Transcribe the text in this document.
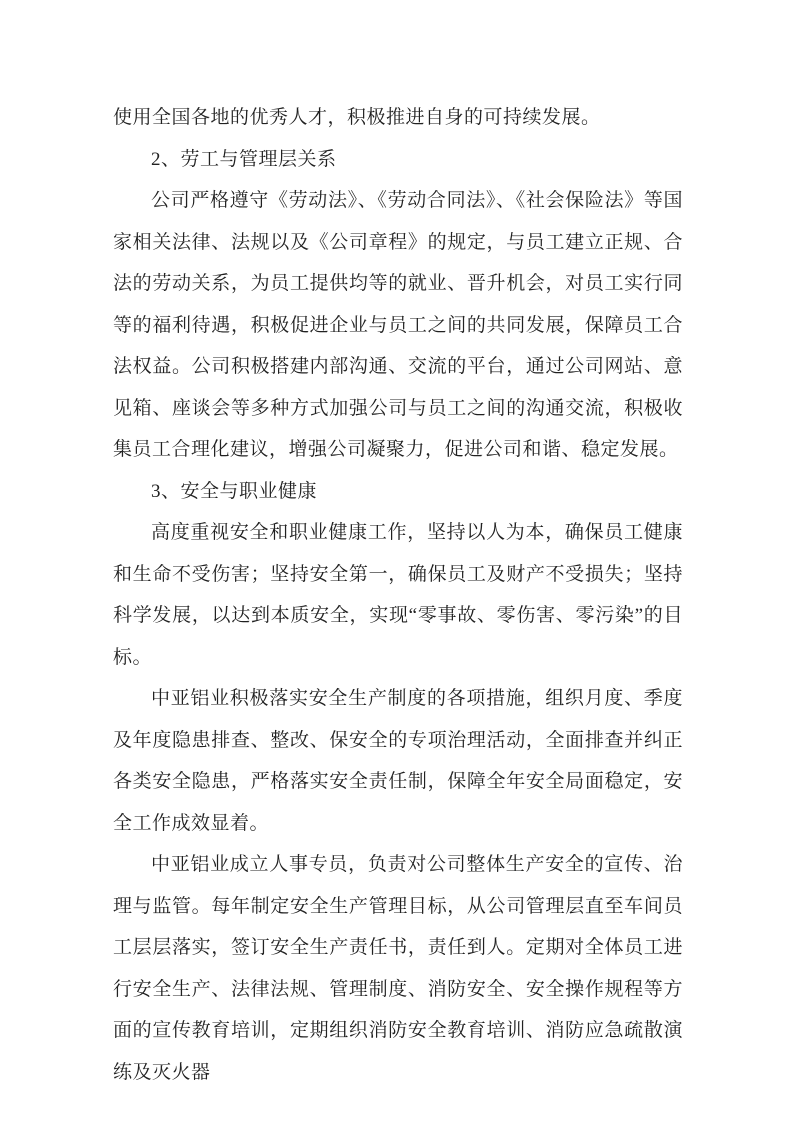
使用全国各地的优秀人才，积极推进自身的可持续发展。

2、劳工与管理层关系

公司严格遵守《劳动法》、《劳动合同法》、《社会保险法》等国家相关法律、法规以及《公司章程》的规定，与员工建立正规、合法的劳动关系，为员工提供均等的就业、晋升机会，对员工实行同等的福利待遇，积极促进企业与员工之间的共同发展，保障员工合法权益。公司积极搭建内部沟通、交流的平台，通过公司网站、意见箱、座谈会等多种方式加强公司与员工之间的沟通交流，积极收集员工合理化建议，增强公司凝聚力，促进公司和谐、稳定发展。

3、安全与职业健康

高度重视安全和职业健康工作，坚持以人为本，确保员工健康和生命不受伤害；坚持安全第一，确保员工及财产不受损失；坚持科学发展，以达到本质安全，实现“零事故、零伤害、零污染”的目标。

中亚铝业积极落实安全生产制度的各项措施，组织月度、季度及年度隐患排查、整改、保安全的专项治理活动，全面排查并纠正各类安全隐患，严格落实安全责任制，保障全年安全局面稳定，安全工作成效显着。

中亚铝业成立人事专员，负责对公司整体生产安全的宣传、治理与监管。每年制定安全生产管理目标，从公司管理层直至车间员工层层落实，签订安全生产责任书，责任到人。定期对全体员工进行安全生产、法律法规、管理制度、消防安全、安全操作规程等方面的宣传教育培训，定期组织消防安全教育培训、消防应急疏散演练及灭火器
